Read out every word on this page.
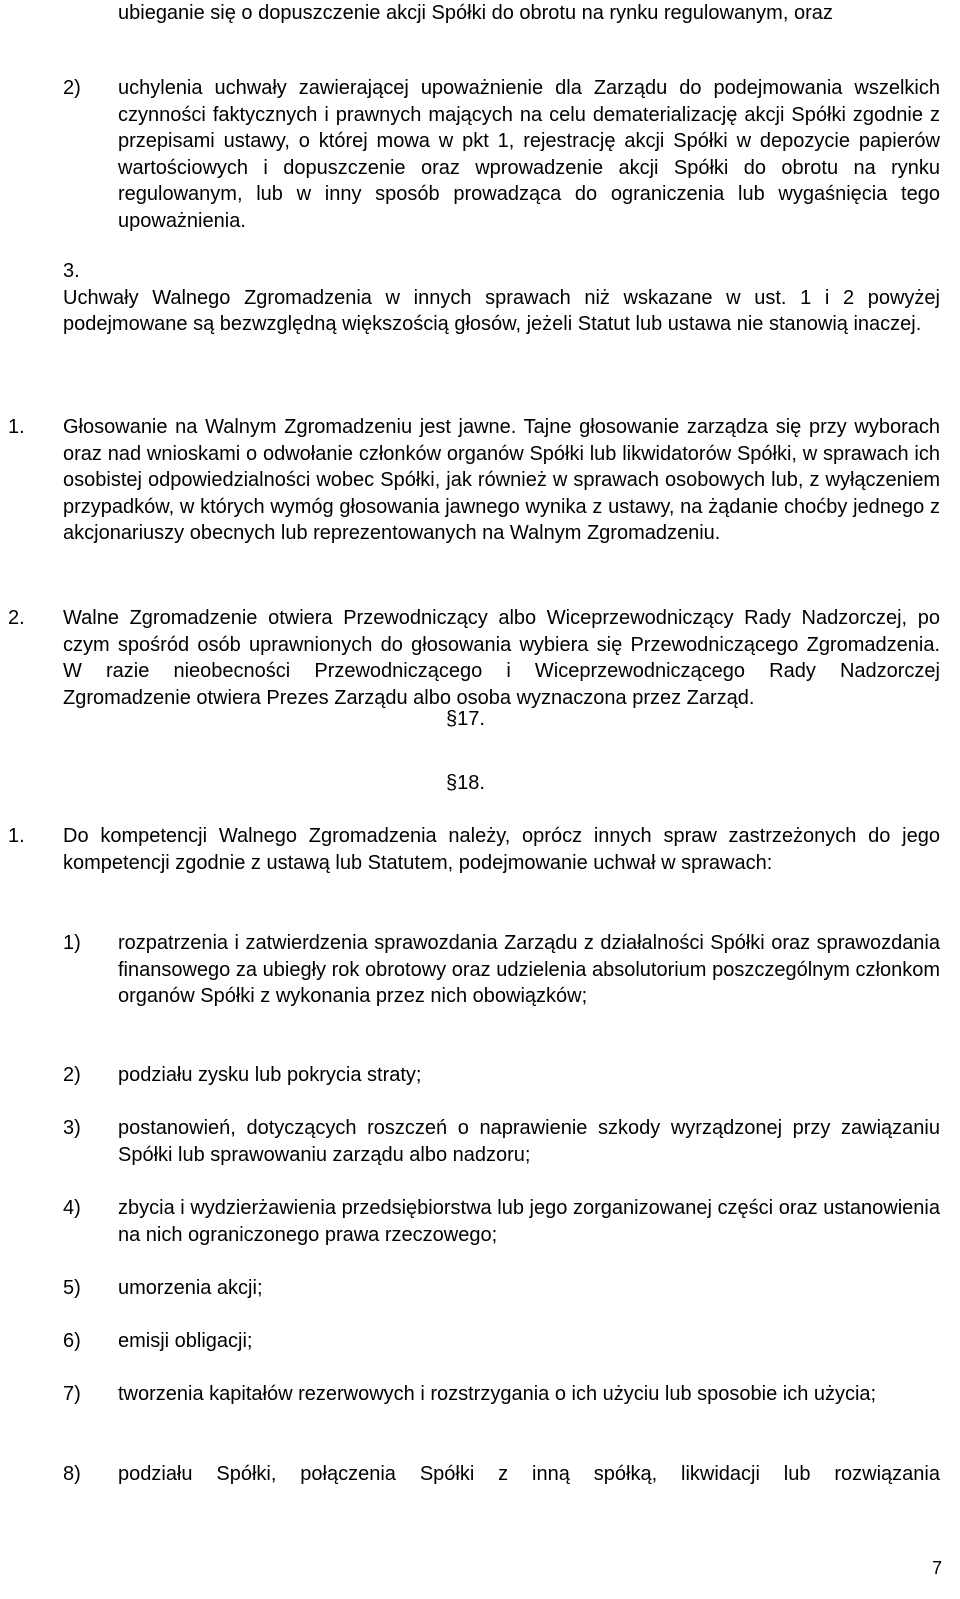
ubieganie się o dopuszczenie akcji Spółki do obrotu na rynku regulowanym, oraz

2) uchylenia uchwały zawierającej upoważnienie dla Zarządu do podejmowania wszelkich czynności faktycznych i prawnych mających na celu dematerializację akcji Spółki zgodnie z przepisami ustawy, o której mowa w pkt 1, rejestrację akcji Spółki w depozycie papierów wartościowych i dopuszczenie oraz wprowadzenie akcji Spółki do obrotu na rynku regulowanym, lub w inny sposób prowadząca do ograniczenia lub wygaśnięcia tego upoważnienia.

3.

Uchwały Walnego Zgromadzenia w innych sprawach niż wskazane w ust. 1 i 2 powyżej podejmowane są bezwzględną większością głosów, jeżeli Statut lub ustawa nie stanowią inaczej.

§17.

1. Głosowanie na Walnym Zgromadzeniu jest jawne. Tajne głosowanie zarządza się przy wyborach oraz nad wnioskami o odwołanie członków organów Spółki lub likwidatorów Spółki, w sprawach ich osobistej odpowiedzialności wobec Spółki, jak również w sprawach osobowych lub, z wyłączeniem przypadków, w których wymóg głosowania jawnego wynika z ustawy, na żądanie choćby jednego z akcjonariuszy obecnych lub reprezentowanych na Walnym Zgromadzeniu.

2. Walne Zgromadzenie otwiera Przewodniczący albo Wiceprzewodniczący Rady Nadzorczej, po czym spośród osób uprawnionych do głosowania wybiera się Przewodniczącego Zgromadzenia. W razie nieobecności Przewodniczącego i Wiceprzewodniczącego Rady Nadzorczej Zgromadzenie otwiera Prezes Zarządu albo osoba wyznaczona przez Zarząd.

§18.

1. Do kompetencji Walnego Zgromadzenia należy, oprócz innych spraw zastrzeżonych do jego kompetencji zgodnie z ustawą lub Statutem, podejmowanie uchwał w sprawach:

1) rozpatrzenia i zatwierdzenia sprawozdania Zarządu z działalności Spółki oraz sprawozdania finansowego za ubiegły rok obrotowy oraz udzielenia absolutorium poszczególnym członkom organów Spółki z wykonania przez nich obowiązków;

2) podziału zysku lub pokrycia straty;

3) postanowień, dotyczących roszczeń o naprawienie szkody wyrządzonej przy zawiązaniu Spółki lub sprawowaniu zarządu albo nadzoru;

4) zbycia i wydzierżawienia przedsiębiorstwa lub jego zorganizowanej części oraz ustanowienia na nich ograniczonego prawa rzeczowego;

5) umorzenia akcji;

6) emisji obligacji;

7) tworzenia kapitałów rezerwowych i rozstrzygania o ich użyciu lub sposobie ich użycia;

8) podziału Spółki, połączenia Spółki z inną spółką, likwidacji lub rozwiązania

7
